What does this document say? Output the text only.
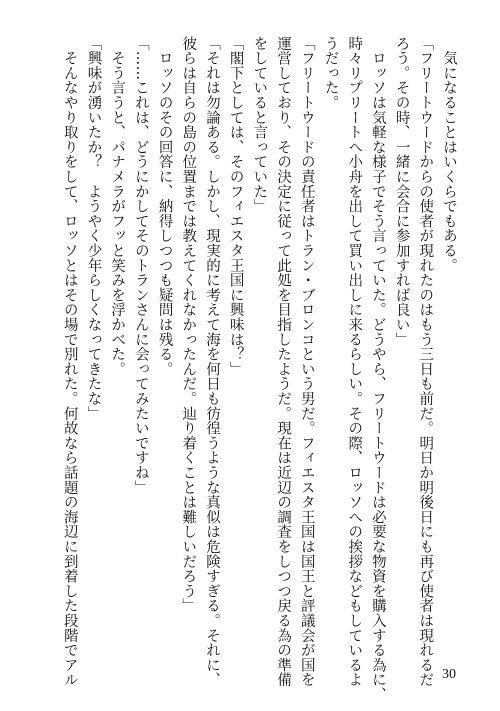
　気になることはいくらでもある。
「フリートウードからの使者が現れたのはもう三日も前だ。明日か明後日にも再び使者は現れるだ
ろう。その時、一緒に会合に参加すれば良い」
　ロッソは気軽な様子でそう言っていた。どうやら、フリートウードは必要な物資を購入する為に、
時々リプリートへ小舟を出して買い出しに来るらしい。その際、ロッソへの挨拶などもしているよ
うだった。
「フリートウードの責任者はトラン・ブロンコという男だ。フィエスタ王国は国王と評議会が国を
運営しており、その決定に従って此処を目指したようだ。現在は近辺の調査をしつつ戻る為の準備
をしていると言っていた」
「閣下としては、そのフィエスタ王国に興味は？」
「それは勿論ある。しかし、現実的に考えて海を何日も彷徨うような真似は危険すぎる。それに、
彼らは自らの島の位置までは教えてくれなかったんだ。辿り着くことは難しいだろう」
　ロッソのその回答に、納得しつつも疑問は残る。
「……これは、どうにかしてそのトランさんに会ってみたいですね」
　そう言うと、パナメラがフッと笑みを浮かべた。
「興味が湧いたか？　ようやく少年らしくなってきたな」
　そんなやり取りをして、ロッソとはその場で別れた。何故なら話題の海辺に到着した段階でアル	30
